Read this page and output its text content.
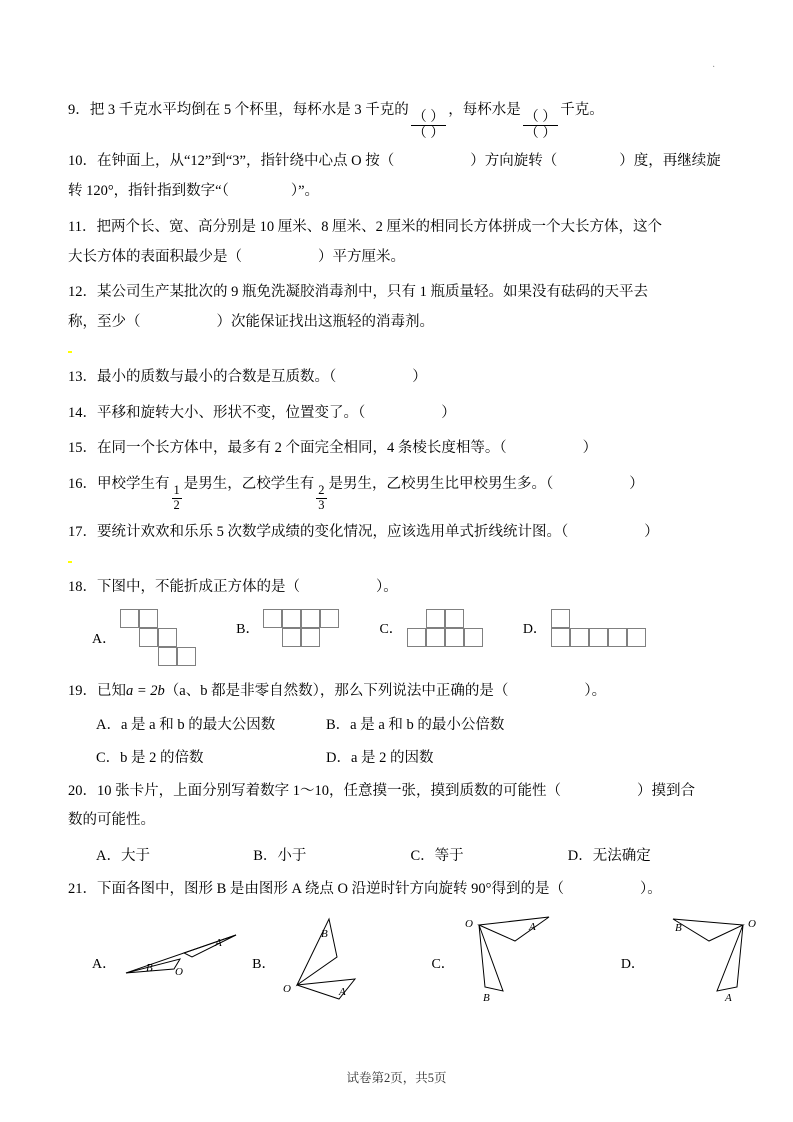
.

9．把 3 千克水平均倒在 5 个杯里，每杯水是 3 千克的
$\frac{( )}{( )}$
，每杯水是
$\frac{( )}{( )}$
千克。

10．在钟面上，从“12”到“3”，指针绕中心点 O 按（	）方向旋转（	）度，再继续旋
转 120°，指针指到数字“（	）”。

11．把两个长、宽、高分别是 10 厘米、8 厘米、2 厘米的相同长方体拼成一个大长方体，这个
大长方体的表面积最少是（	）平方厘米。

12．某公司生产某批次的 9 瓶免洗凝胶消毒剂中，只有 1 瓶质量轻。如果没有砝码的天平去
称，至少（	）次能保证找出这瓶轻的消毒剂。

13．最小的质数与最小的合数是互质数。（	）

14．平移和旋转大小、形状不变，位置变了。（	）

15．在同一个长方体中，最多有 2 个面完全相同，4 条棱长度相等。（	）

16．甲校学生有
$\frac{1}{2}$
是男生，乙校学生有
$\frac{2}{3}$
是男生，乙校男生比甲校男生多。（	）

17．要统计欢欢和乐乐 5 次数学成绩的变化情况，应该选用单式折线统计图。（	）

18．下图中，不能折成正方体的是（	）。

A．
B．	C．	D．

19．已知a = 2b（a、b 都是非零自然数），那么下列说法中正确的是（	）。

A．a 是 a 和 b 的最大公因数	B．a 是 a 和 b 的最小公倍数
C．b 是 2 的倍数	D．a 是 2 的因数

20．10 张卡片，上面分别写着数字 1～10，任意摸一张，摸到质数的可能性（	）摸到合
数的可能性。

A．大于	B．小于	C．等于	D．无法确定

21．下面各图中，图形 B 是由图形 A 绕点 O 沿逆时针方向旋转 90°得到的是（	）。

A．	B O
A
B．
B
O	A
C．
A
O
B
D．
B	O
A
试卷第2页，共5页
